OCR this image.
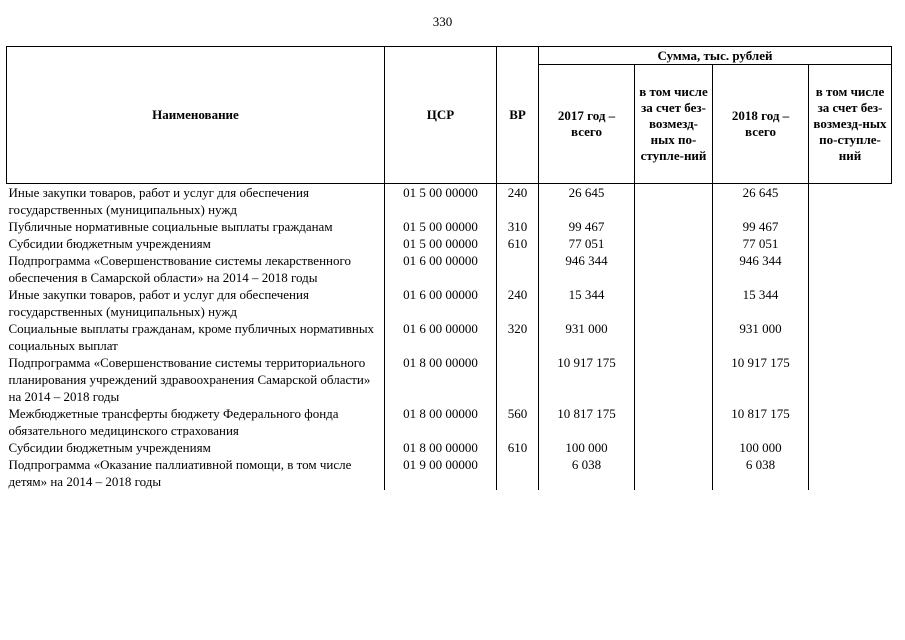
330
Наименование	ЦСР	ВР	Сумма, тыс. рублей			
			2017 год – всего	в том числе за счет без-возмезд-ных по-ступле-ний	2018 год – всего	в том числе за счет без-возмезд-ных по-ступле-ний
Иные закупки товаров, работ и услуг для обеспечения государственных (муниципальных) нужд	01 5 00 00000	240	26 645		26 645	
Публичные нормативные социальные выплаты гражданам	01 5 00 00000	310	99 467		99 467	
Субсидии бюджетным учреждениям	01 5 00 00000	610	77 051		77 051	
Подпрограмма «Совершенствование системы лекарственного обеспечения в Самарской области» на 2014 – 2018 годы	01 6 00 00000		946 344		946 344	
Иные закупки товаров, работ и услуг для обеспечения государственных (муниципальных) нужд	01 6 00 00000	240	15 344		15 344	
Социальные выплаты гражданам, кроме публичных нормативных социальных выплат	01 6 00 00000	320	931 000		931 000	
Подпрограмма «Совершенствование системы территориального планирования учреждений здравоохранения Самарской области» на 2014 – 2018 годы	01 8 00 00000		10 917 175		10 917 175	
Межбюджетные трансферты бюджету Федерального фонда обязательного медицинского страхования	01 8 00 00000	560	10 817 175		10 817 175	
Субсидии бюджетным учреждениям	01 8 00 00000	610	100 000		100 000	
Подпрограмма «Оказание паллиативной помощи, в том числе детям» на 2014 – 2018 годы	01 9 00 00000		6 038		6 038	
